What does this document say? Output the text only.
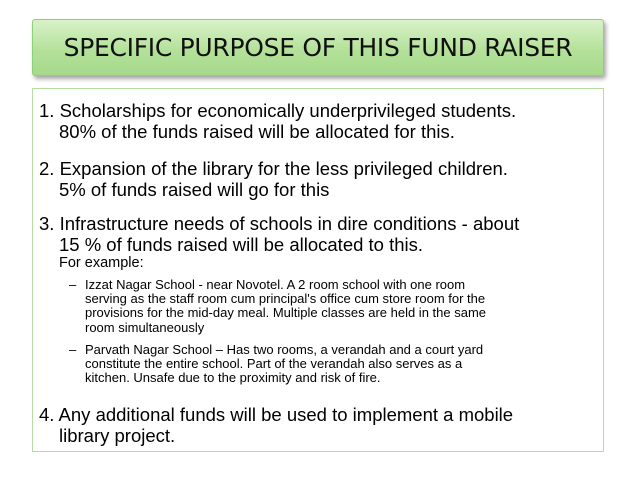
SPECIFIC PURPOSE OF THIS FUND RAISER

1. Scholarships for economically underprivileged students.
80% of the funds raised will be allocated for this.

2. Expansion of the library for the less privileged children.
5% of funds raised will go for this

3. Infrastructure needs of schools in dire conditions - about
15 % of funds raised will be allocated to this.

For example:
– Izzat Nagar School - near Novotel. A 2 room school with one room
serving as the staff room cum principal's office cum store room for the
provisions for the mid-day meal. Multiple classes are held in the same
room simultaneously
– Parvath Nagar School – Has two rooms, a verandah and a court yard
constitute the entire school. Part of the verandah also serves as a
kitchen. Unsafe due to the proximity and risk of fire.

4. Any additional funds will be used to implement a mobile
library project.
